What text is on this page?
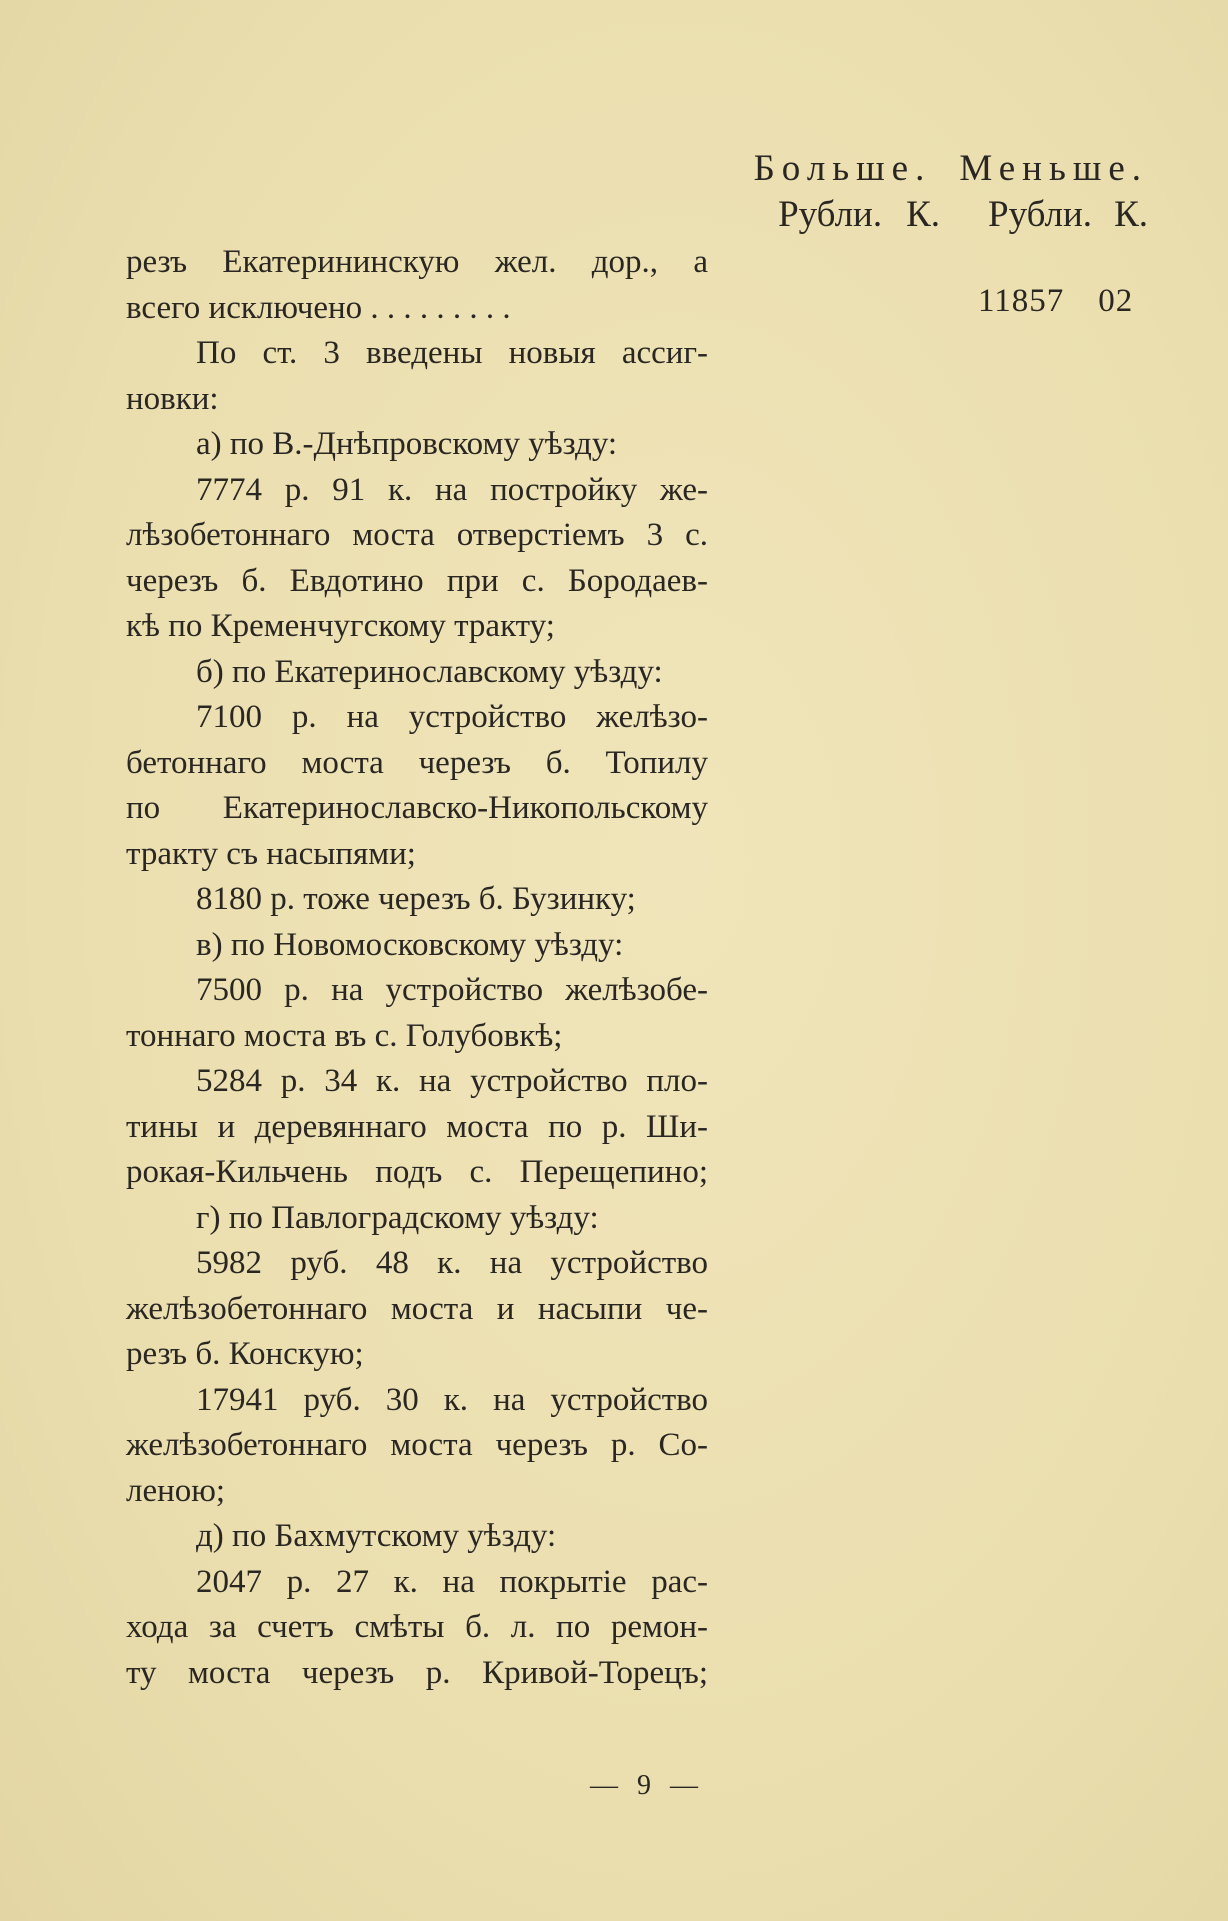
Больше. Меньше.
Рубли. К. Рубли. К.
11857 02
резъ Екатерининскую жел. дор., а
всего исключено . . . . . . . . .
По ст. 3 введены новыя ассиг-
новки:
а) по В.-Днѣпровскому уѣзду:
7774 р. 91 к. на постройку же-
лѣзобетоннаго моста отверстіемъ 3 с.
черезъ б. Евдотино при с. Бородаев-
кѣ по Кременчугскому тракту;
б) по Екатеринославскому уѣзду:
7100 р. на устройство желѣзо-
бетоннаго моста черезъ б. Топилу
по Екатеринославско-Никопольскому
тракту съ насыпями;
8180 р. тоже черезъ б. Бузинку;
в) по Новомосковскому уѣзду:
7500 р. на устройство желѣзобе-
тоннаго моста въ с. Голубовкѣ;
5284 р. 34 к. на устройство пло-
тины и деревяннаго моста по р. Ши-
рокая-Кильчень подъ с. Перещепино;
г) по Павлоградскому уѣзду:
5982 руб. 48 к. на устройство
желѣзобетоннаго моста и насыпи че-
резъ б. Конскую;
17941 руб. 30 к. на устройство
желѣзобетоннаго моста черезъ р. Со-
леною;
д) по Бахмутскому уѣзду:
2047 р. 27 к. на покрытіе рас-
хода за счетъ смѣты б. л. по ремон-
ту моста черезъ р. Кривой-Торецъ;
— 9 —
